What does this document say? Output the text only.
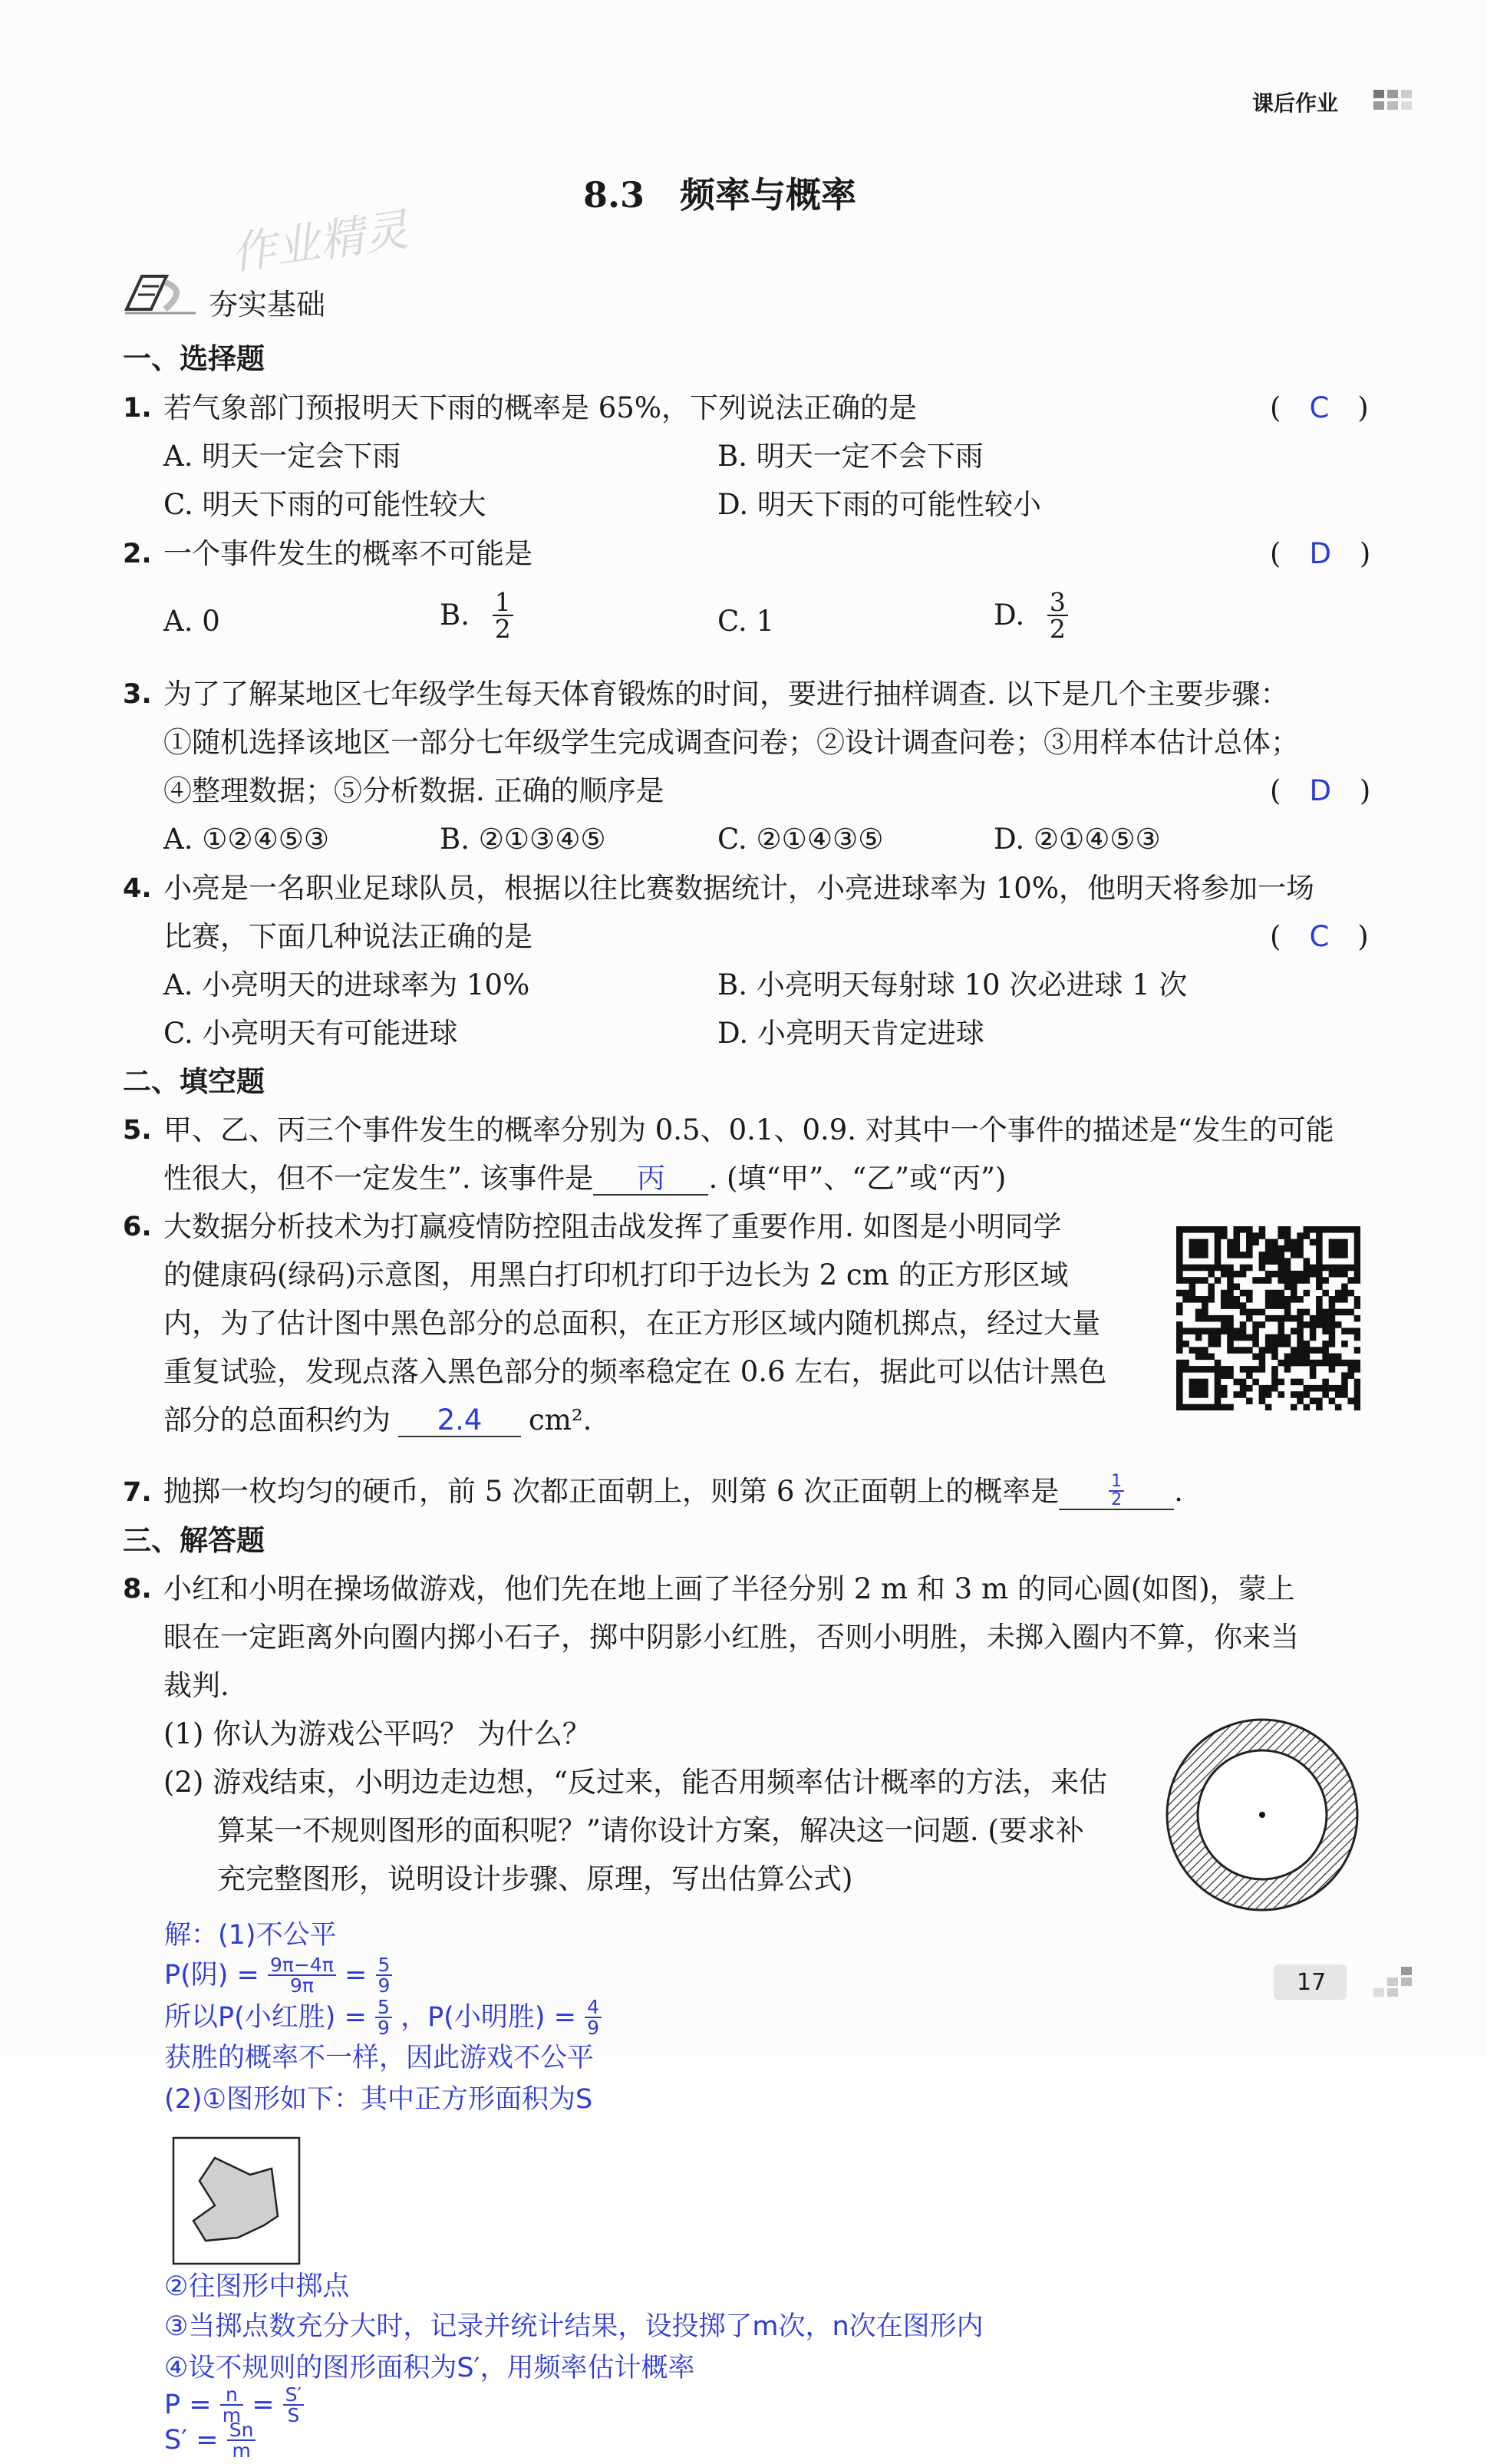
课后作业
8.3　频率与概率
作业精灵
夯实基础
一、选择题
1. 若气象部门预报明天下雨的概率是 65%，下列说法正确的是	(　C　)
A. 明天一定会下雨	B. 明天一定不会下雨
C. 明天下雨的可能性较大	D. 明天下雨的可能性较小
2. 一个事件发生的概率不可能是	(　D　)
A. 0	B. $\frac{1}{2}$	C. 1	D. $\frac{3}{2}$
3. 为了了解某地区七年级学生每天体育锻炼的时间，要进行抽样调查. 以下是几个主要步骤：
①随机选择该地区一部分七年级学生完成调查问卷；②设计调查问卷；③用样本估计总体；
④整理数据；⑤分析数据. 正确的顺序是	(　D　)
A. ①②④⑤③	B. ②①③④⑤	C. ②①④③⑤	D. ②①④⑤③
4. 小亮是一名职业足球队员，根据以往比赛数据统计，小亮进球率为 10%，他明天将参加一场
比赛，下面几种说法正确的是	(　C　)
A. 小亮明天的进球率为 10%	B. 小亮明天每射球 10 次必进球 1 次
C. 小亮明天有可能进球	D. 小亮明天肯定进球
二、填空题
5. 甲、乙、丙三个事件发生的概率分别为 0.5、0.1、0.9. 对其中一个事件的描述是“发生的可能
性很大，但不一定发生”. 该事件是 丙 . (填“甲”、“乙”或“丙”)
6. 大数据分析技术为打赢疫情防控阻击战发挥了重要作用. 如图是小明同学
的健康码(绿码)示意图，用黑白打印机打印于边长为 2 cm 的正方形区域
内，为了估计图中黑色部分的总面积，在正方形区域内随机掷点，经过大量
重复试验，发现点落入黑色部分的频率稳定在 0.6 左右，据此可以估计黑色
部分的总面积约为 2.4 cm².
7. 抛掷一枚均匀的硬币，前 5 次都正面朝上，则第 6 次正面朝上的概率是	$\frac{1}{2}$ .
三、解答题
8. 小红和小明在操场做游戏，他们先在地上画了半径分别 2 m 和 3 m 的同心圆(如图)，蒙上
眼在一定距离外向圈内掷小石子，掷中阴影小红胜，否则小明胜，未掷入圈内不算，你来当
裁判.
(1) 你认为游戏公平吗？ 为什么？
(2) 游戏结束，小明边走边想，“反过来，能否用频率估计概率的方法，来估
算某一不规则图形的面积呢？”请你设计方案，解决这一问题. (要求补
充完整图形，说明设计步骤、原理，写出估算公式)
17
解：(1)不公平
P(阴) = $\frac{9\pi-4\pi}{9\pi} = \frac{5}{9}$
所以P(小红胜) = $\frac{5}{9}$ ，P(小明胜) = $\frac{4}{9}$
获胜的概率不一样，因此游戏不公平
(2)①图形如下：其中正方形面积为S
②往图形中掷点
③当掷点数充分大时，记录并统计结果，设投掷了m次，n次在图形内
④设不规则的图形面积为S′，用频率估计概率
$P = \frac{n}{m} = \frac{S'}{S}$
$S' = \frac{Sn}{m}$
